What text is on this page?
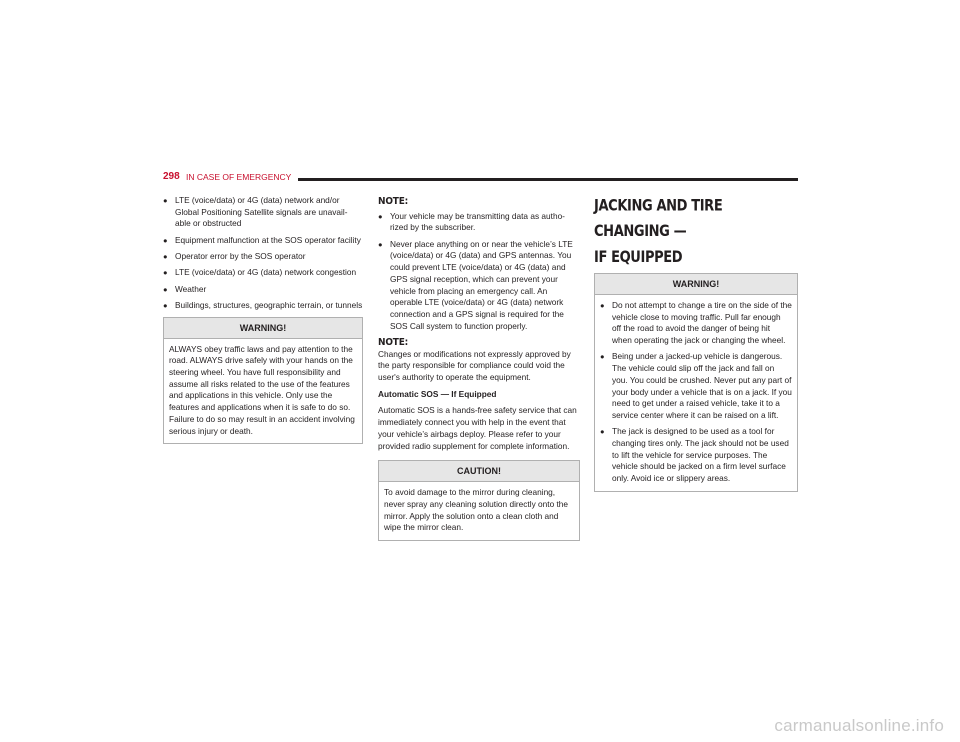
298 IN CASE OF EMERGENCY
● LTE (voice/data) or 4G (data) network and/or Global Positioning Satellite signals are unavail-able or obstructed
● Equipment malfunction at the SOS operator facility
● Operator error by the SOS operator
● LTE (voice/data) or 4G (data) network congestion
● Weather
● Buildings, structures, geographic terrain, or tunnels
WARNING!
ALWAYS obey traffic laws and pay attention to the road. ALWAYS drive safely with your hands on the steering wheel. You have full responsibility and assume all risks related to the use of the features and applications in this vehicle. Only use the features and applications when it is safe to do so. Failure to do so may result in an accident involving serious injury or death.
NOTE:
● Your vehicle may be transmitting data as autho-rized by the subscriber.
● Never place anything on or near the vehicle’s LTE (voice/data) or 4G (data) and GPS antennas. You could prevent LTE (voice/data) or 4G (data) and GPS signal reception, which can prevent your vehicle from placing an emergency call. An operable LTE (voice/data) or 4G (data) network connection and a GPS signal is required for the SOS Call system to function properly.
NOTE:

Changes or modifications not expressly approved by the party responsible for compliance could void the user's authority to operate the equipment.

Automatic SOS — If Equipped

Automatic SOS is a hands-free safety service that can immediately connect you with help in the event that your vehicle’s airbags deploy. Please refer to your provided radio supplement for complete information.

CAUTION!
To avoid damage to the mirror during cleaning, never spray any cleaning solution directly onto the mirror. Apply the solution onto a clean cloth and wipe the mirror clean.
JACKING AND TIRE CHANGING —
IF EQUIPPED
WARNING!
● Do not attempt to change a tire on the side of the vehicle close to moving traffic. Pull far enough off the road to avoid the danger of being hit when operating the jack or changing the wheel.
● Being under a jacked-up vehicle is dangerous. The vehicle could slip off the jack and fall on you. You could be crushed. Never put any part of your body under a vehicle that is on a jack. If you need to get under a raised vehicle, take it to a service center where it can be raised on a lift.
● The jack is designed to be used as a tool for changing tires only. The jack should not be used to lift the vehicle for service purposes. The vehicle should be jacked on a firm level surface only. Avoid ice or slippery areas.
carmanualsonline.info
